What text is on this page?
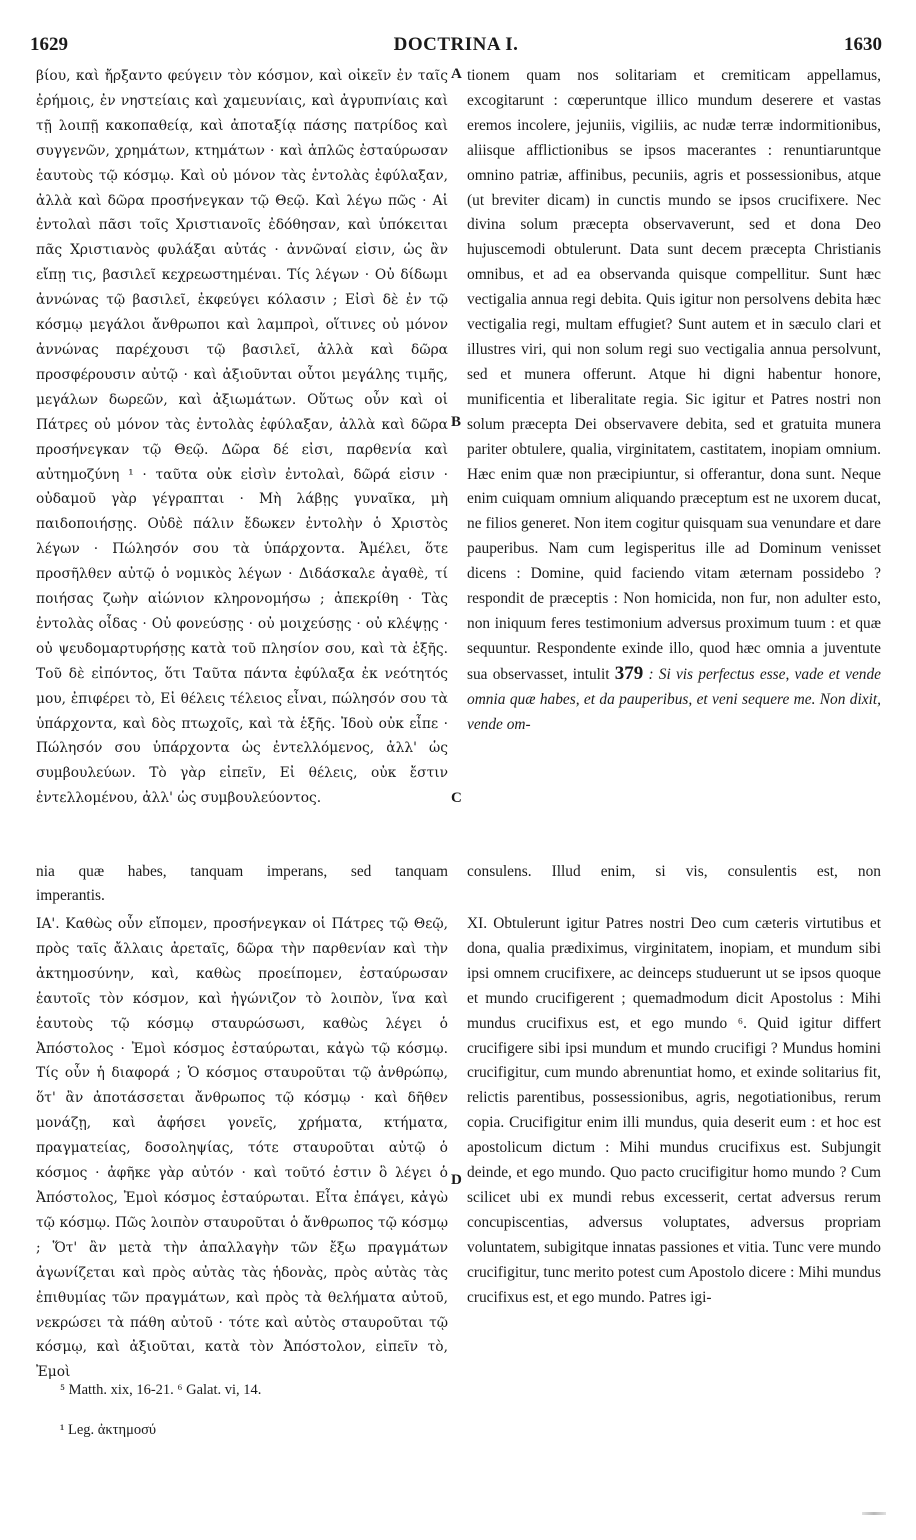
1629	DOCTRINA I.	1630

βίου, καὶ ἤρξαντο φεύγειν τὸν κόσμον, καὶ οἰκεῖν ἐν ταῖς ἐρήμοις, ἐν νηστείαις καὶ χαμευνίαις, καὶ ἀγρυπνίαις καὶ τῇ λοιπῇ κακοπαθείᾳ, καὶ ἀποταξίᾳ πάσης πατρίδος καὶ συγγενῶν, χρημάτων, κτημάτων · καὶ ἁπλῶς ἐσταύρωσαν ἑαυτοὺς τῷ κόσμῳ. Καὶ οὐ μόνον τὰς ἐντολὰς ἐφύλαξαν, ἀλλὰ καὶ δῶρα προσήνεγκαν τῷ Θεῷ. Καὶ λέγω πῶς · Αἱ ἐντολαὶ πᾶσι τοῖς Χριστιανοῖς ἐδόθησαν, καὶ ὑπόκειται πᾶς Χριστιανὸς φυλάξαι αὐτάς · ἀννῶναί εἰσιν, ὡς ἂν εἴπῃ τις, βασιλεῖ κεχρεωστημέναι. Τίς λέγων · Οὐ δίδωμι ἀννώνας τῷ βασιλεῖ, ἐκφεύγει κόλασιν ; Εἰσὶ δὲ ἐν τῷ κόσμῳ μεγάλοι ἄνθρωποι καὶ λαμπροὶ, οἵτινες οὐ μόνον ἀννώνας παρέχουσι τῷ βασιλεῖ, ἀλλὰ καὶ δῶρα προσφέρουσιν αὐτῷ · καὶ ἀξιοῦνται οὗτοι μεγάλης τιμῆς, μεγάλων δωρεῶν, καὶ ἀξιωμάτων. Οὕτως οὖν καὶ οἱ Πάτρες οὐ μόνον τὰς ἐντολὰς ἐφύλαξαν, ἀλλὰ καὶ δῶρα προσήνεγκαν τῷ Θεῷ. Δῶρα δέ εἰσι, παρθενία καὶ αὐτημοζύνη ¹ · ταῦτα οὐκ εἰσὶν ἐντολαὶ, δῶρά εἰσιν · οὐδαμοῦ γὰρ γέγραπται · Μὴ λάβῃς γυναῖκα, μὴ παιδοποιήσῃς. Οὐδὲ πάλιν ἔδωκεν ἐντολὴν ὁ Χριστὸς λέγων · Πώλησόν σου τὰ ὑπάρχοντα. Ἀμέλει, ὅτε προσῆλθεν αὐτῷ ὁ νομικὸς λέγων · Διδάσκαλε ἀγαθὲ, τί ποιήσας ζωὴν αἰώνιον κληρονομήσω ; ἀπεκρίθη · Τὰς ἐντολὰς οἶδας · Οὐ φονεύσῃς · οὐ μοιχεύσῃς · οὐ κλέψῃς · οὐ ψευδομαρτυρήσῃς κατὰ τοῦ πλησίον σου, καὶ τὰ ἑξῆς. Τοῦ δὲ εἰπόντος, ὅτι Ταῦτα πάντα ἐφύλαξα ἐκ νεότητός μου, ἐπιφέρει τὸ, Εἰ θέλεις τέλειος εἶναι, πώλησόν σου τὰ ὑπάρχοντα, καὶ δὸς πτωχοῖς, καὶ τὰ ἑξῆς. Ἰδοὺ οὐκ εἶπε · Πώλησόν σου ὑπάρχοντα ὡς ἐντελλόμενος, ἀλλ' ὡς συμβουλεύων. Τὸ γὰρ εἰπεῖν, Εἰ θέλεις, οὐκ ἔστιν ἐντελλομένου, ἀλλ' ὡς συμβουλεύοντος.

tionem quam nos solitariam et cremiticam appellamus, excogitarunt : cœperuntque illico mundum deserere et vastas eremos incolere, jejuniis, vigiliis, ac nudæ terræ indormitionibus, aliisque afflictionibus se ipsos macerantes : renuntiaruntque omnino patriæ, affinibus, pecuniis, agris et possessionibus, atque (ut breviter dicam) in cunctis mundo se ipsos crucifixere. Nec divina solum præcepta observaverunt, sed et dona Deo hujuscemodi obtulerunt. Data sunt decem præcepta Christianis omnibus, et ad ea observanda quisque compellitur. Sunt hæc vectigalia annua regi debita. Quis igitur non persolvens debita hæc vectigalia regi, multam effugiet? Sunt autem et in sæculo clari et illustres viri, qui non solum regi suo vectigalia annua persolvunt, sed et munera offerunt. Atque hi digni habentur honore, munificentia et liberalitate regia. Sic igitur et Patres nostri non solum præcepta Dei observavere debita, sed et gratuita munera pariter obtulere, qualia, virginitatem, castitatem, inopiam omnium. Hæc enim quæ non præcipiuntur, si offerantur, dona sunt. Neque enim cuiquam omnium aliquando præceptum est ne uxorem ducat, ne filios generet. Non item cogitur quisquam sua venundare et dare pauperibus. Nam cum legisperitus ille ad Dominum venisset dicens : Domine, quid faciendo vitam æternam possidebo ? respondit de præceptis : Non homicida, non fur, non adulter esto, non iniquum feres testimonium adversus proximum tuum : et quæ sequuntur. Respondente exinde illo, quod hæc omnia a juventute sua observasset, intulit 379 : Si vis perfectus esse, vade et vende omnia quæ habes, et da pauperibus, et veni sequere me. Non dixit, vende om-

A
B
C
D
nia quæ habes, tanquam imperans, sed tanquam consulens. Illud enim, si vis, consulentis est, non
imperantis.

ΙΑ'. Καθὼς οὖν εἴπομεν, προσήνεγκαν οἱ Πάτρες τῷ Θεῷ, πρὸς ταῖς ἄλλαις ἀρεταῖς, δῶρα τὴν παρθενίαν καὶ τὴν ἀκτημοσύνην, καὶ, καθὼς προείπομεν, ἐσταύρωσαν ἑαυτοῖς τὸν κόσμον, καὶ ἠγώνιζον τὸ λοιπὸν, ἵνα καὶ ἑαυτοὺς τῷ κόσμῳ σταυρώσωσι, καθὼς λέγει ὁ Ἀπόστολος · Ἐμοὶ κόσμος ἐσταύρωται, κἀγὼ τῷ κόσμῳ. Τίς οὖν ἡ διαφορά ; Ὁ κόσμος σταυροῦται τῷ ἀνθρώπῳ, ὅτ' ἂν ἀποτάσσεται ἄνθρωπος τῷ κόσμῳ · καὶ δῆθεν μονάζῃ, καὶ ἀφήσει γονεῖς, χρήματα, κτήματα, πραγματείας, δοσοληψίας, τότε σταυροῦται αὐτῷ ὁ κόσμος · ἀφῆκε γὰρ αὐτόν · καὶ τοῦτό ἐστιν ὃ λέγει ὁ Ἀπόστολος, Ἐμοὶ κόσμος ἐσταύρωται. Εἶτα ἐπάγει, κἀγὼ τῷ κόσμῳ. Πῶς λοιπὸν σταυροῦται ὁ ἄνθρωπος τῷ κόσμῳ ; Ὅτ' ἂν μετὰ τὴν ἀπαλλαγὴν τῶν ἔξω πραγμάτων ἀγωνίζεται καὶ πρὸς αὐτὰς τὰς ἡδονὰς, πρὸς αὐτὰς τὰς ἐπιθυμίας τῶν πραγμάτων, καὶ πρὸς τὰ θελήματα αὐτοῦ, νεκρώσει τὰ πάθη αὐτοῦ · τότε καὶ αὐτὸς σταυροῦται τῷ κόσμῳ, καὶ ἀξιοῦται, κατὰ τὸν Ἀπόστολον, εἰπεῖν τὸ, Ἐμοὶ

XI. Obtulerunt igitur Patres nostri Deo cum cæteris virtutibus et dona, qualia prædiximus, virginitatem, inopiam, et mundum sibi ipsi omnem crucifixere, ac deinceps studuerunt ut se ipsos quoque et mundo crucifigerent ; quemadmodum dicit Apostolus : Mihi mundus crucifixus est, et ego mundo ⁶. Quid igitur differt crucifigere sibi ipsi mundum et mundo crucifigi ? Mundus homini crucifigitur, cum mundo abrenuntiat homo, et exinde solitarius fit, relictis parentibus, possessionibus, agris, negotiationibus, rerum copia. Crucifigitur enim illi mundus, quia deserit eum : et hoc est apostolicum dictum : Mihi mundus crucifixus est. Subjungit deinde, et ego mundo. Quo pacto crucifigitur homo mundo ? Cum scilicet ubi ex mundi rebus excesserit, certat adversus rerum concupiscentias, adversus voluptates, adversus propriam voluntatem, subigitque innatas passiones et vitia. Tunc vere mundo crucifigitur, tunc merito potest cum Apostolo dicere : Mihi mundus crucifixus est, et ego mundo. Patres igi-

⁵ Matth. xix, 16-21. ⁶ Galat. vi, 14.
¹ Leg. ἀκτημοσύ
